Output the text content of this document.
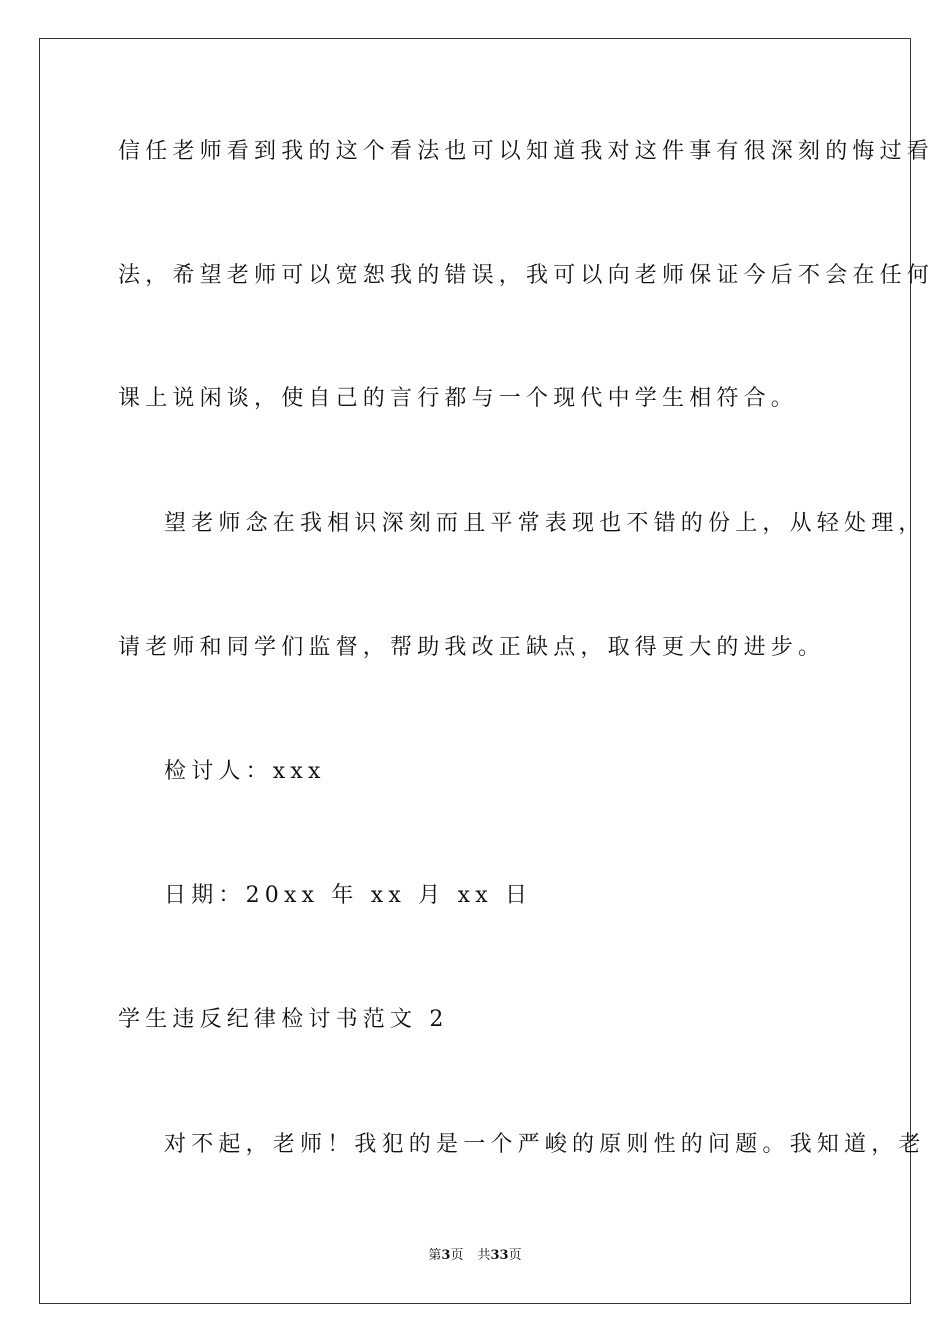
信任老师看到我的这个看法也可以知道我对这件事有很深刻的悔过看
法，希望老师可以宽恕我的错误，我可以向老师保证今后不会在任何
课上说闲谈，使自己的言行都与一个现代中学生相符合。
望老师念在我相识深刻而且平常表现也不错的份上，从轻处理，
请老师和同学们监督，帮助我改正缺点，取得更大的进步。
检讨人：xxx
日期：20xx 年 xx 月 xx 日
学生违反纪律检讨书范文 2
对不起，老师！我犯的是一个严峻的原则性的问题。我知道，老
第3页 共33页
